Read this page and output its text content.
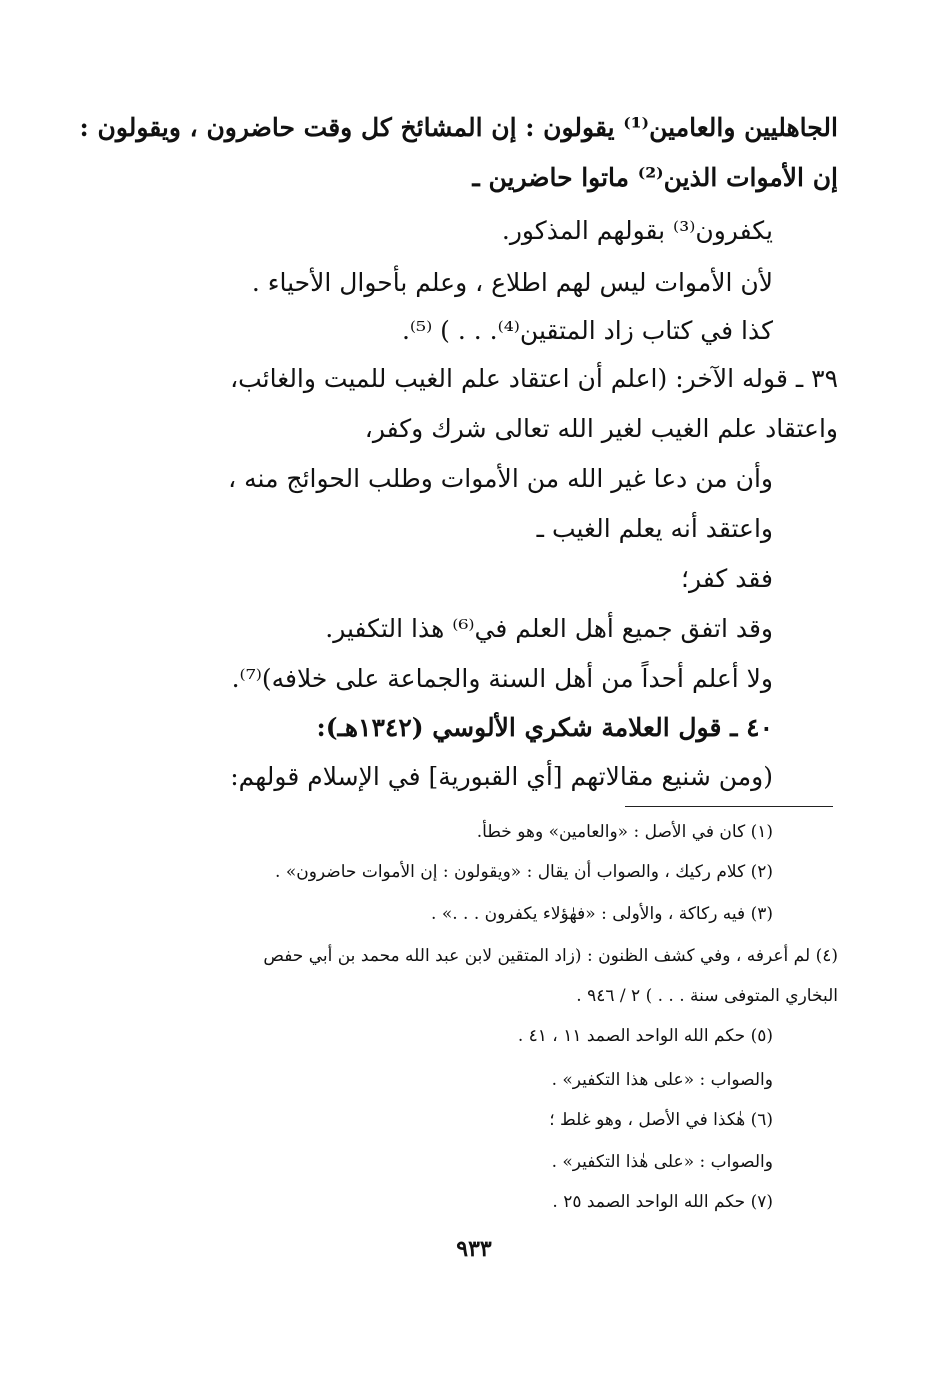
الجاهليين والعامين⁽¹⁾ يقولون : إن المشائخ كل وقت حاضرون ، ويقولون :
إن الأموات الذين⁽²⁾ ماتوا حاضرين ـ
يكفرون⁽³⁾ بقولهم المذكور.
لأن الأموات ليس لهم اطلاع ، وعلم بأحوال الأحياء .
كذا في كتاب زاد المتقين⁽⁴⁾. . . ) ⁽⁵⁾.
٣٩ ـ قوله الآخر: (اعلم أن اعتقاد علم الغيب للميت والغائب،
واعتقاد علم الغيب لغير الله تعالى شرك وكفر،
وأن من دعا غير الله من الأموات وطلب الحوائج منه ،
واعتقد أنه يعلم الغيب ـ
فقد كفر؛
وقد اتفق جميع أهل العلم في⁽⁶⁾ هذا التكفير.
ولا أعلم أحداً من أهل السنة والجماعة على خلافه)⁽⁷⁾.
٤٠ ـ قول العلامة شكري الألوسي (١٣٤٢هـ):
(ومن شنيع مقالاتهم [أي القبورية] في الإسلام قولهم:
(١) كان في الأصل : «والعامين» وهو خطأ.
(٢) كلام ركيك ، والصواب أن يقال : «ويقولون : إن الأموات حاضرون» .
(٣) فيه ركاكة ، والأولى : «فهٰؤلاء يكفرون . . .» .
(٤) لم أعرفه ، وفي كشف الظنون : (زاد المتقين لابن عبد الله محمد بن أبي حفص
البخاري المتوفى سنة . . . ) ٢ / ٩٤٦ .
(٥) حكم الله الواحد الصمد ١١ ، ٤١ .
والصواب : «على هذا التكفير» .
(٦) هٰكذا في الأصل ، وهو غلط ؛
والصواب : «على هٰذا التكفير» .
(٧) حكم الله الواحد الصمد ٢٥ .
٩٣٣
